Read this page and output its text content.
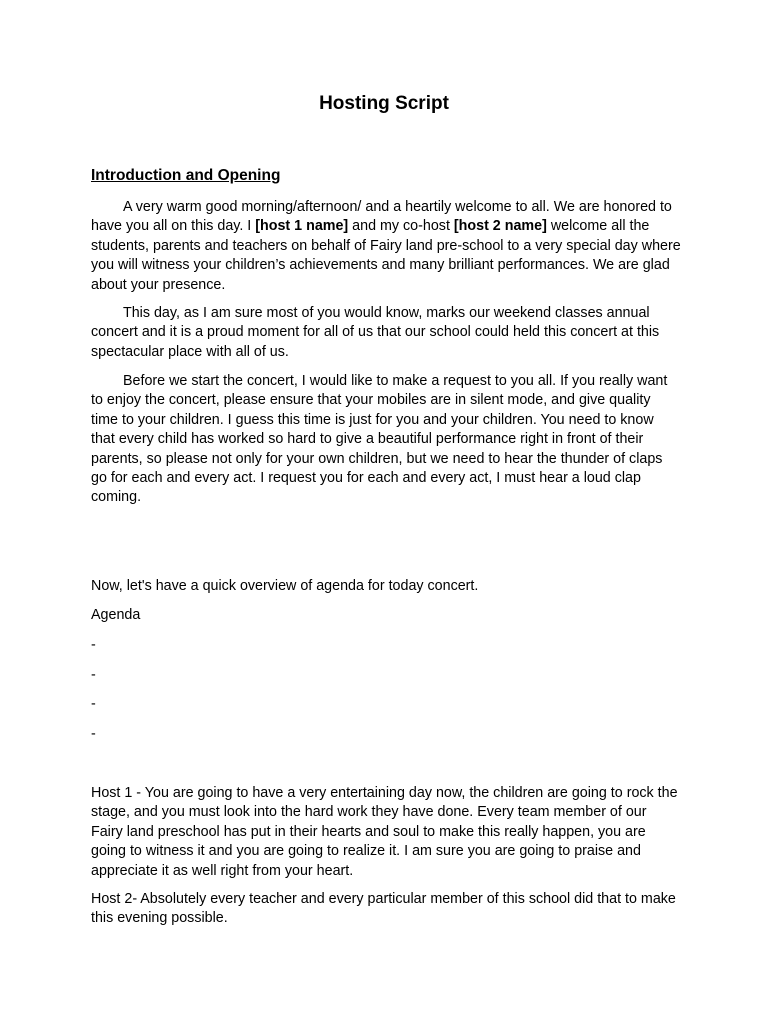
Hosting Script
Introduction and Opening

A very warm good morning/afternoon/ and a heartily welcome to all. We are honored to have you all on this day. I [host 1 name] and my co-host [host 2 name] welcome all the students, parents and teachers on behalf of Fairy land pre-school to a very special day where you will witness your children’s achievements and many brilliant performances. We are glad about your presence.

This day, as I am sure most of you would know, marks our weekend classes annual concert and it is a proud moment for all of us that our school could held this concert at this spectacular place with all of us.

Before we start the concert, I would like to make a request to you all. If you really want to enjoy the concert, please ensure that your mobiles are in silent mode, and give quality time to your children. I guess this time is just for you and your children. You need to know that every child has worked so hard to give a beautiful performance right in front of their parents, so please not only for your own children, but we need to hear the thunder of claps go for each and every act. I request you for each and every act, I must hear a loud clap coming.

Now, let's have a quick overview of agenda for today concert.

Agenda

-

-

-

-

Host 1 - You are going to have a very entertaining day now, the children are going to rock the stage, and you must look into the hard work they have done. Every team member of our Fairy land preschool has put in their hearts and soul to make this really happen, you are going to witness it and you are going to realize it. I am sure you are going to praise and appreciate it as well right from your heart.

Host 2- Absolutely every teacher and every particular member of this school did that to make this evening possible.
